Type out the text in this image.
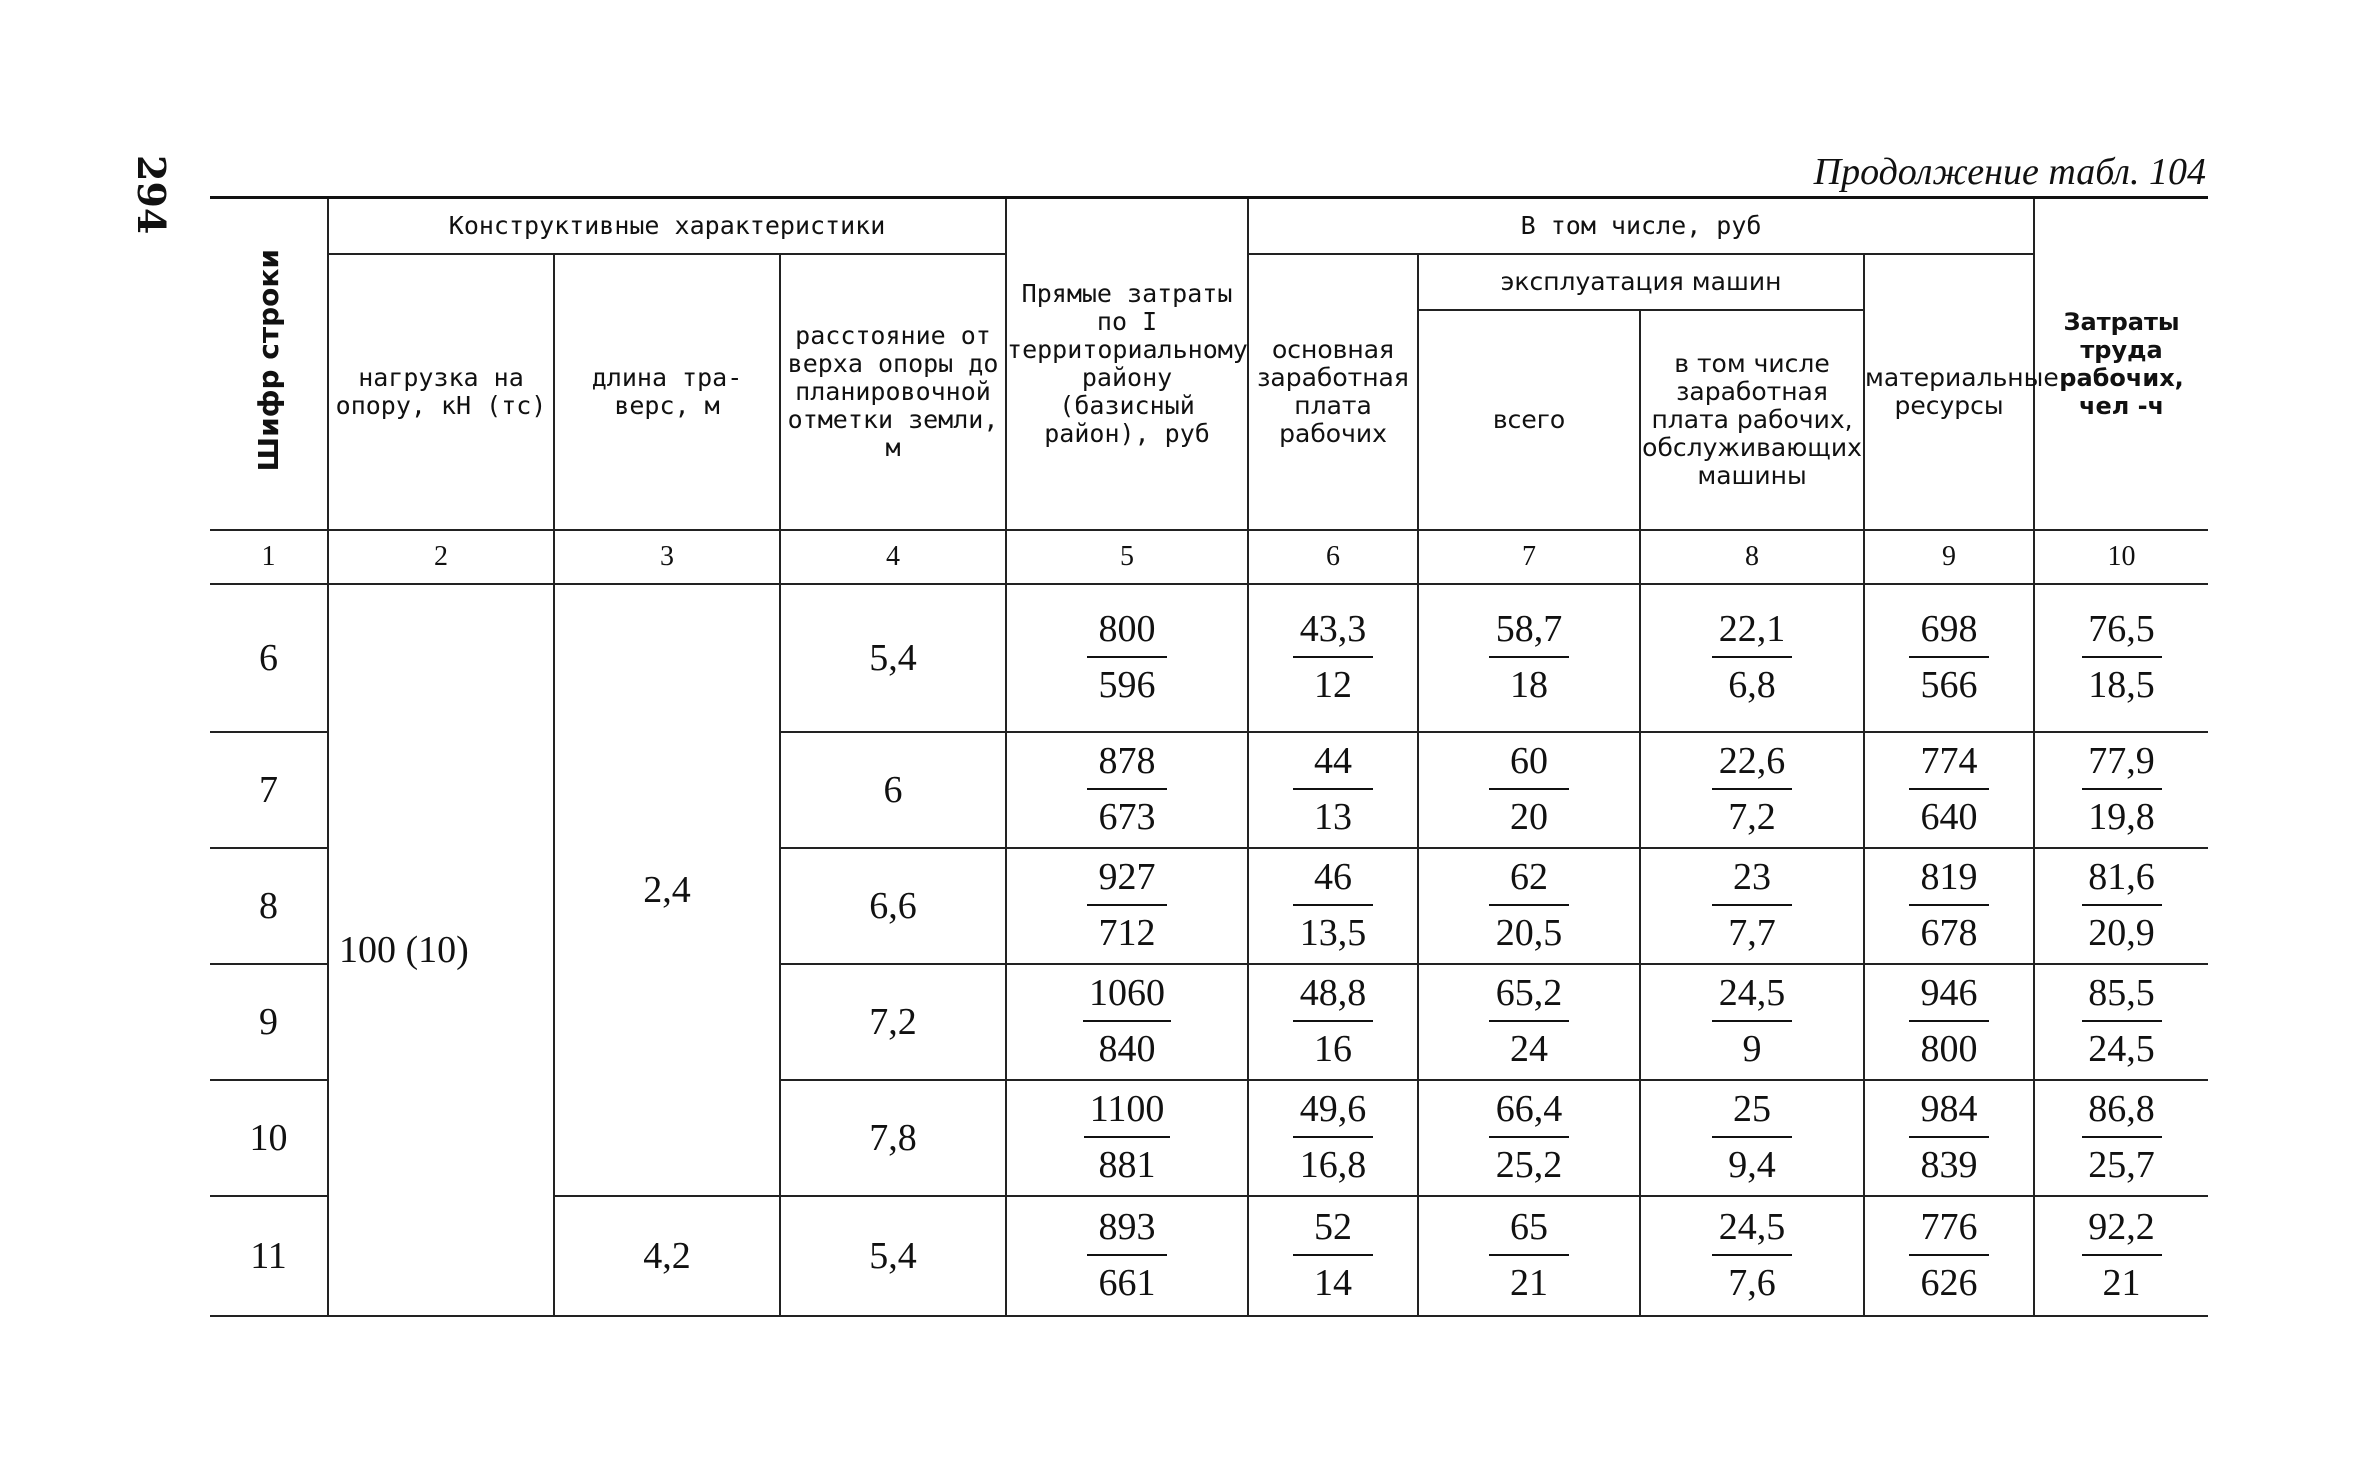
294	Продолжение табл. 104
Шифр строки	Конструктивные характеристики			Прямые затраты по I территориальному району (базисный район), руб	В том числе, руб				Затраты труда рабочих, чел -ч
	нагрузка на опору, кН (тс)	длина тра-верс, м	расстояние от верха опоры до планировочной отметки земли, м		основная заработная плата рабочих	эксплуатация машин		материальные ресурсы	
						всего	в том числе заработная плата рабочих, обслуживающих машины		
1	2	3	4	5	6	7	8	9	10
6	100 (10)	2,4	5,4	$\frac{800}{596}$	$\frac{43,3}{12}$	$\frac{58,7}{18}$	$\frac{22,1}{6,8}$	$\frac{698}{566}$	$\frac{76,5}{18,5}$

7			6	$\frac{878}{673}$	$\frac{44}{13}$	$\frac{60}{20}$	$\frac{22,6}{7,2}$	$\frac{774}{640}$	$\frac{77,9}{19,8}$

8			6,6	$\frac{927}{712}$	$\frac{46}{13,5}$	$\frac{62}{20,5}$	$\frac{23}{7,7}$	$\frac{819}{678}$	$\frac{81,6}{20,9}$

9			7,2	$\frac{1060}{840}$	$\frac{48,8}{16}$	$\frac{65,2}{24}$	$\frac{24,5}{9}$	$\frac{946}{800}$	$\frac{85,5}{24,5}$

10			7,8	$\frac{1100}{881}$	$\frac{49,6}{16,8}$	$\frac{66,4}{25,2}$	$\frac{25}{9,4}$	$\frac{984}{839}$	$\frac{86,8}{25,7}$

11		4,2	5,4	$\frac{893}{661}$	$\frac{52}{14}$	$\frac{65}{21}$	$\frac{24,5}{7,6}$	$\frac{776}{626}$	$\frac{92,2}{21}$
